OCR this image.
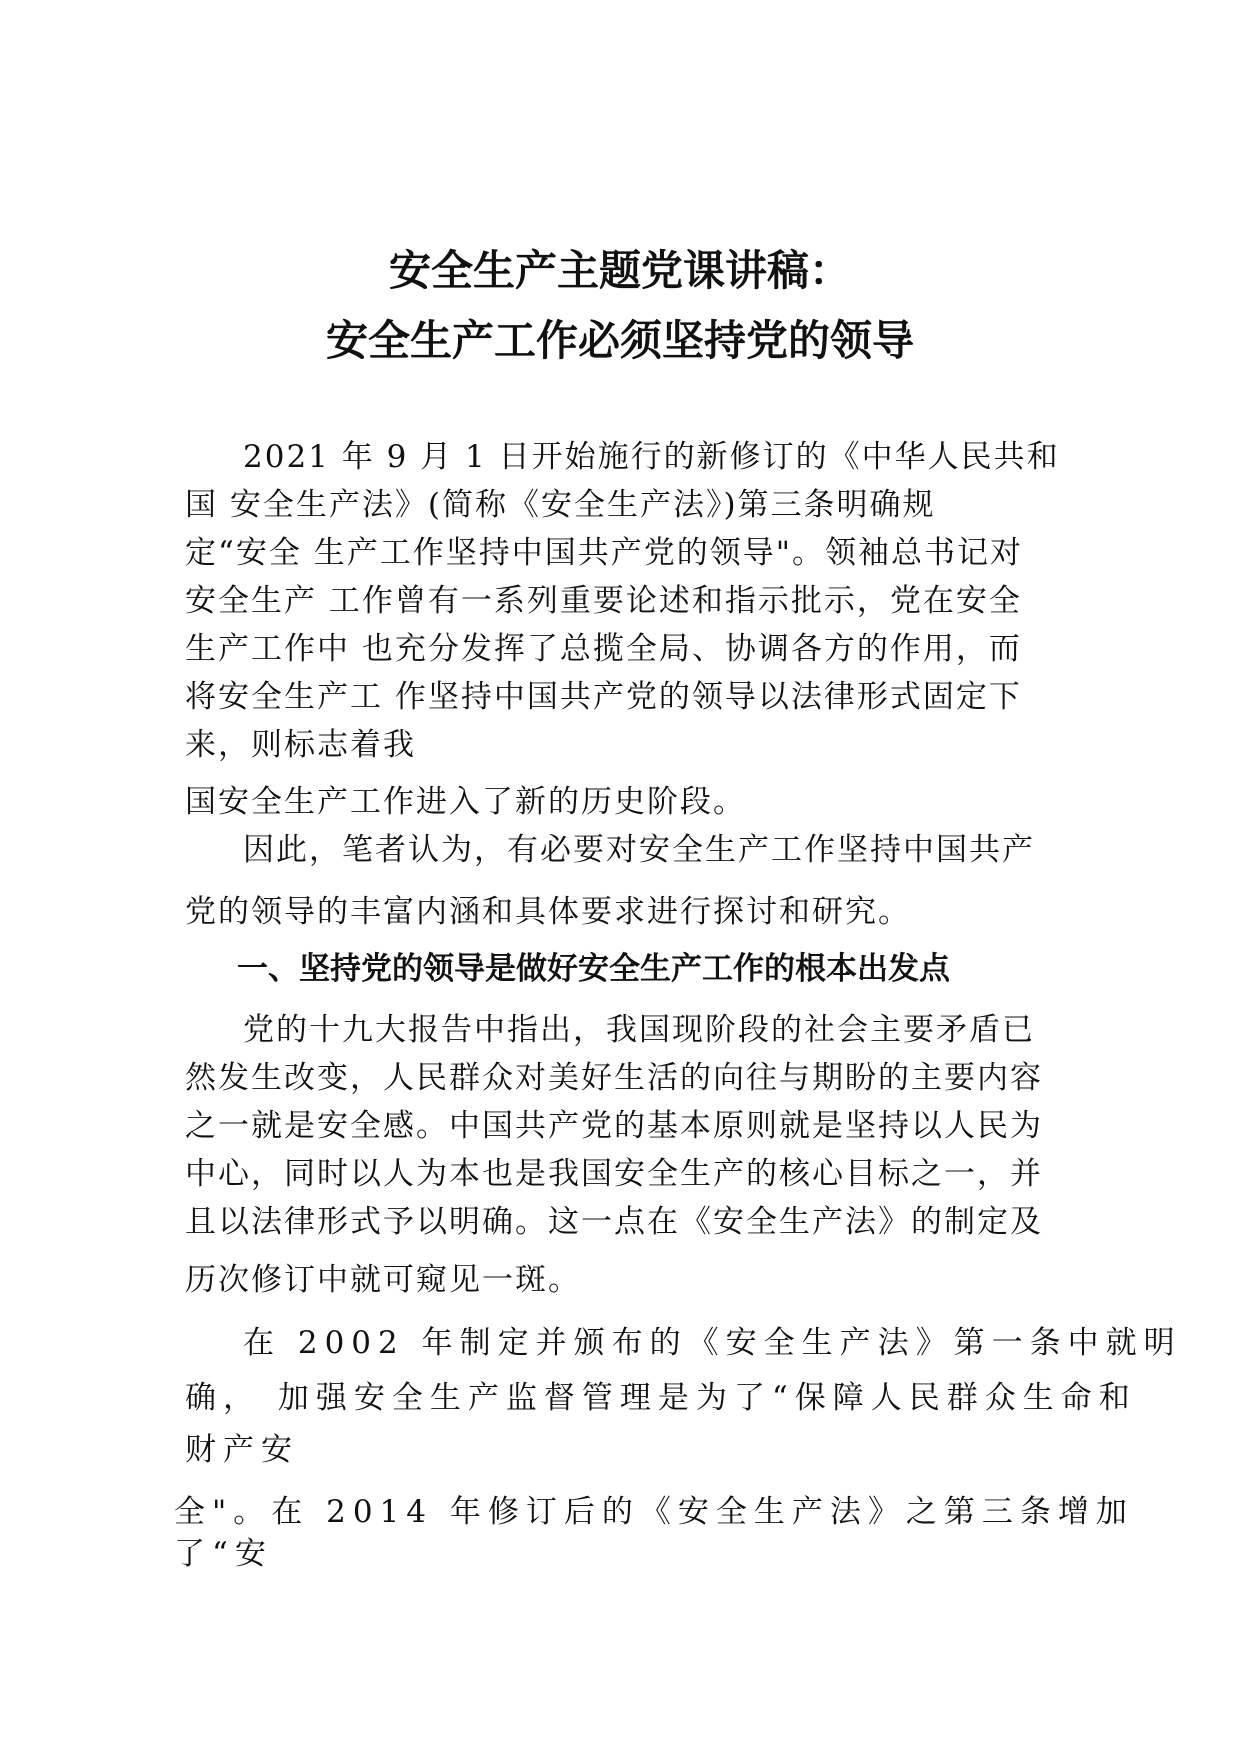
安全生产主题党课讲稿：
安全生产工作必须坚持党的领导
2021 年 9 月 1 日开始施行的新修订的《中华人民共和
国 安全生产法》(简称《安全生产法》)第三条明确规
定“安全 生产工作坚持中国共产党的领导"。领袖总书记对
安全生产 工作曾有一系列重要论述和指示批示，党在安全
生产工作中 也充分发挥了总揽全局、协调各方的作用，而
将安全生产工 作坚持中国共产党的领导以法律形式固定下
来，则标志着我
国安全生产工作进入了新的历史阶段。
因此，笔者认为，有必要对安全生产工作坚持中国共产
党的领导的丰富内涵和具体要求进行探讨和研究。
一、坚持党的领导是做好安全生产工作的根本出发点
党的十九大报告中指出，我国现阶段的社会主要矛盾已
然发生改变，人民群众对美好生活的向往与期盼的主要内容
之一就是安全感。中国共产党的基本原则就是坚持以人民为
中心，同时以人为本也是我国安全生产的核心目标之一，并
且以法律形式予以明确。这一点在《安全生产法》的制定及
历次修订中就可窥见一斑。
在 2002 年制定并颁布的《安全生产法》第一条中就明
确， 加强安全生产监督管理是为了“保障人民群众生命和
财产安
全"。在 2014 年修订后的《安全生产法》之第三条增加
了“安
